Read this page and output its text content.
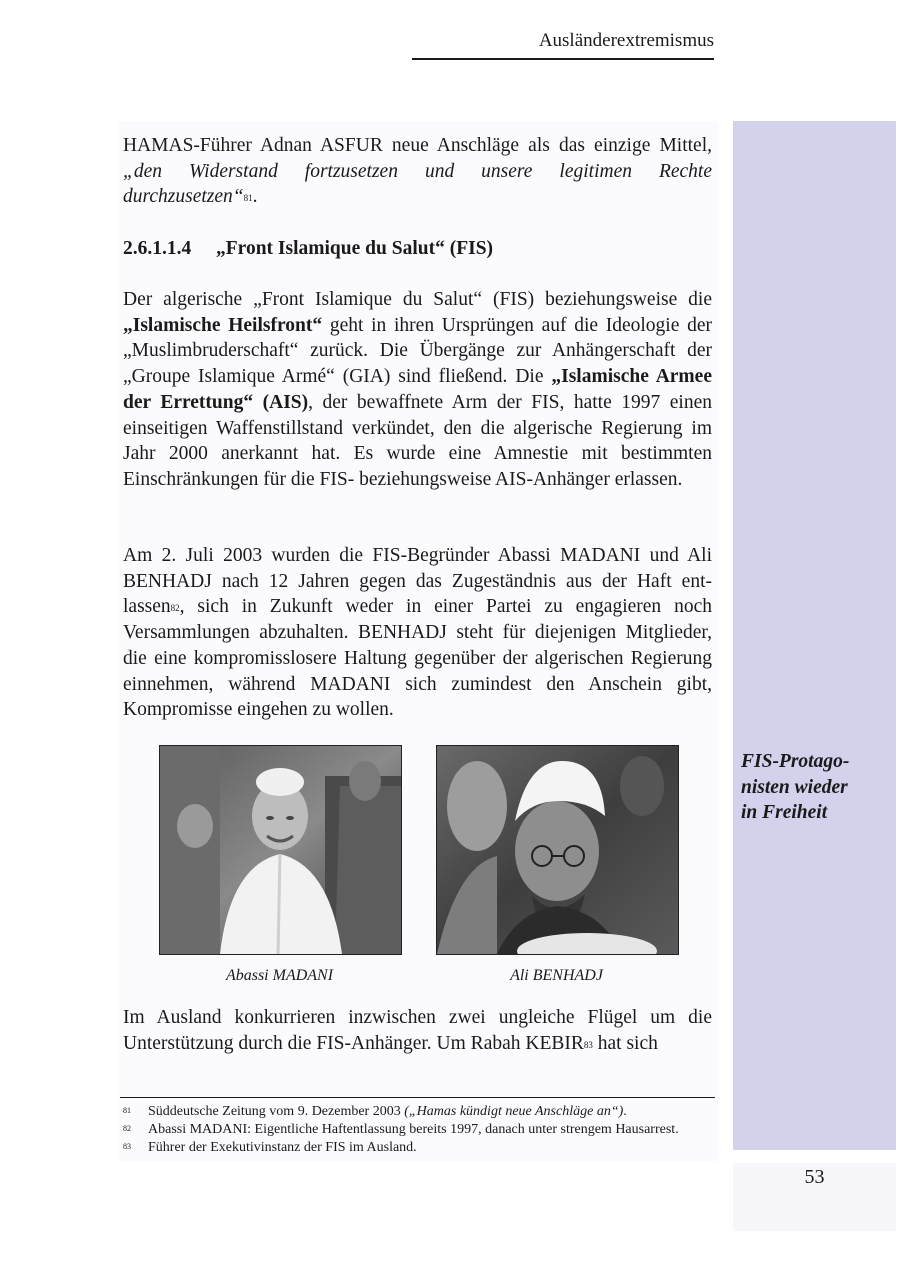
Ausländerextremismus
HAMAS-Führer Adnan ASFUR neue Anschläge als das einzige Mittel, „den Widerstand fortzusetzen und unsere legitimen Rechte durchzusetzen“$^{81}$.
2.6.1.1.4 „Front Islamique du Salut“ (FIS)
Der algerische „Front Islamique du Salut“ (FIS) beziehungsweise die „Islamische Heilsfront“ geht in ihren Ursprüngen auf die Ideologie der „Muslimbruderschaft“ zurück. Die Übergänge zur Anhängerschaft der „Groupe Islamique Armé“ (GIA) sind fließend. Die „Islamische Armee der Errettung“ (AIS), der bewaffnete Arm der FIS, hatte 1997 einen einseitigen Waffenstillstand verkündet, den die algerische Regierung im Jahr 2000 anerkannt hat. Es wurde eine Amnestie mit bestimmten Einschränkungen für die FIS- beziehungsweise AIS-Anhänger erlassen.
Am 2. Juli 2003 wurden die FIS-Begründer Abassi MADANI und Ali BENHADJ nach 12 Jahren gegen das Zugeständnis aus der Haft entlassen$^{82}$, sich in Zukunft weder in einer Partei zu engagieren noch Versammlungen abzuhalten. BENHADJ steht für diejenigen Mitglieder, die eine kompromisslosere Haltung gegenüber der algerischen Regierung einnehmen, während MADANI sich zumindest den Anschein gibt, Kompromisse eingehen zu wollen.
Abassi MADANI	Ali BENHADJ
Im Ausland konkurrieren inzwischen zwei ungleiche Flügel um die Unterstützung durch die FIS-Anhänger. Um Rabah KEBIR$^{83}$ hat sich
FIS-Protago-
nisten wieder
in Freiheit
81 Süddeutsche Zeitung vom 9. Dezember 2003 („Hamas kündigt neue Anschläge an“).
82 Abassi MADANI: Eigentliche Haftentlassung bereits 1997, danach unter strengem Hausarrest.
83 Führer der Exekutivinstanz der FIS im Ausland.
53
